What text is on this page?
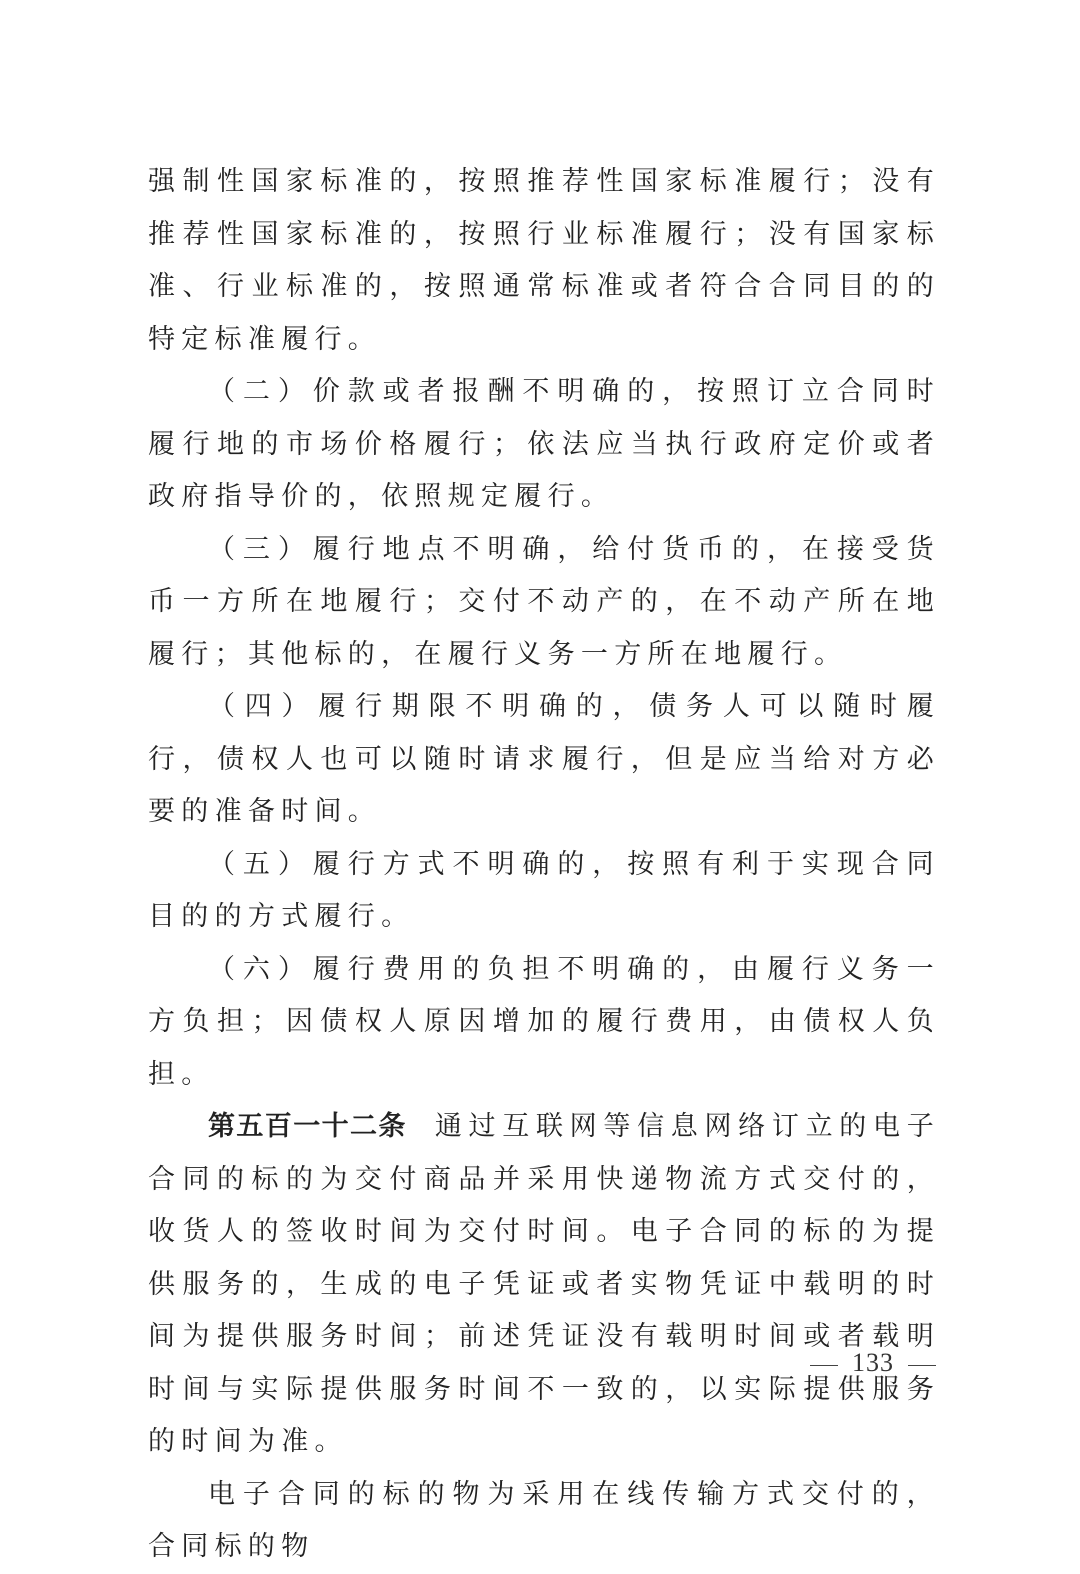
强制性国家标准的，按照推荐性国家标准履行；没有推荐性国家标准的，按照行业标准履行；没有国家标准、行业标准的，按照通常标准或者符合合同目的的特定标准履行。

（二）价款或者报酬不明确的，按照订立合同时履行地的市场价格履行；依法应当执行政府定价或者政府指导价的，依照规定履行。

（三）履行地点不明确，给付货币的，在接受货币一方所在地履行；交付不动产的，在不动产所在地履行；其他标的，在履行义务一方所在地履行。

（四）履行期限不明确的，债务人可以随时履行，债权人也可以随时请求履行，但是应当给对方必要的准备时间。

（五）履行方式不明确的，按照有利于实现合同目的的方式履行。

（六）履行费用的负担不明确的，由履行义务一方负担；因债权人原因增加的履行费用，由债权人负担。

第五百一十二条 通过互联网等信息网络订立的电子合同的标的为交付商品并采用快递物流方式交付的，收货人的签收时间为交付时间。电子合同的标的为提供服务的，生成的电子凭证或者实物凭证中载明的时间为提供服务时间；前述凭证没有载明时间或者载明时间与实际提供服务时间不一致的，以实际提供服务的时间为准。

电子合同的标的物为采用在线传输方式交付的，合同标的物

133
